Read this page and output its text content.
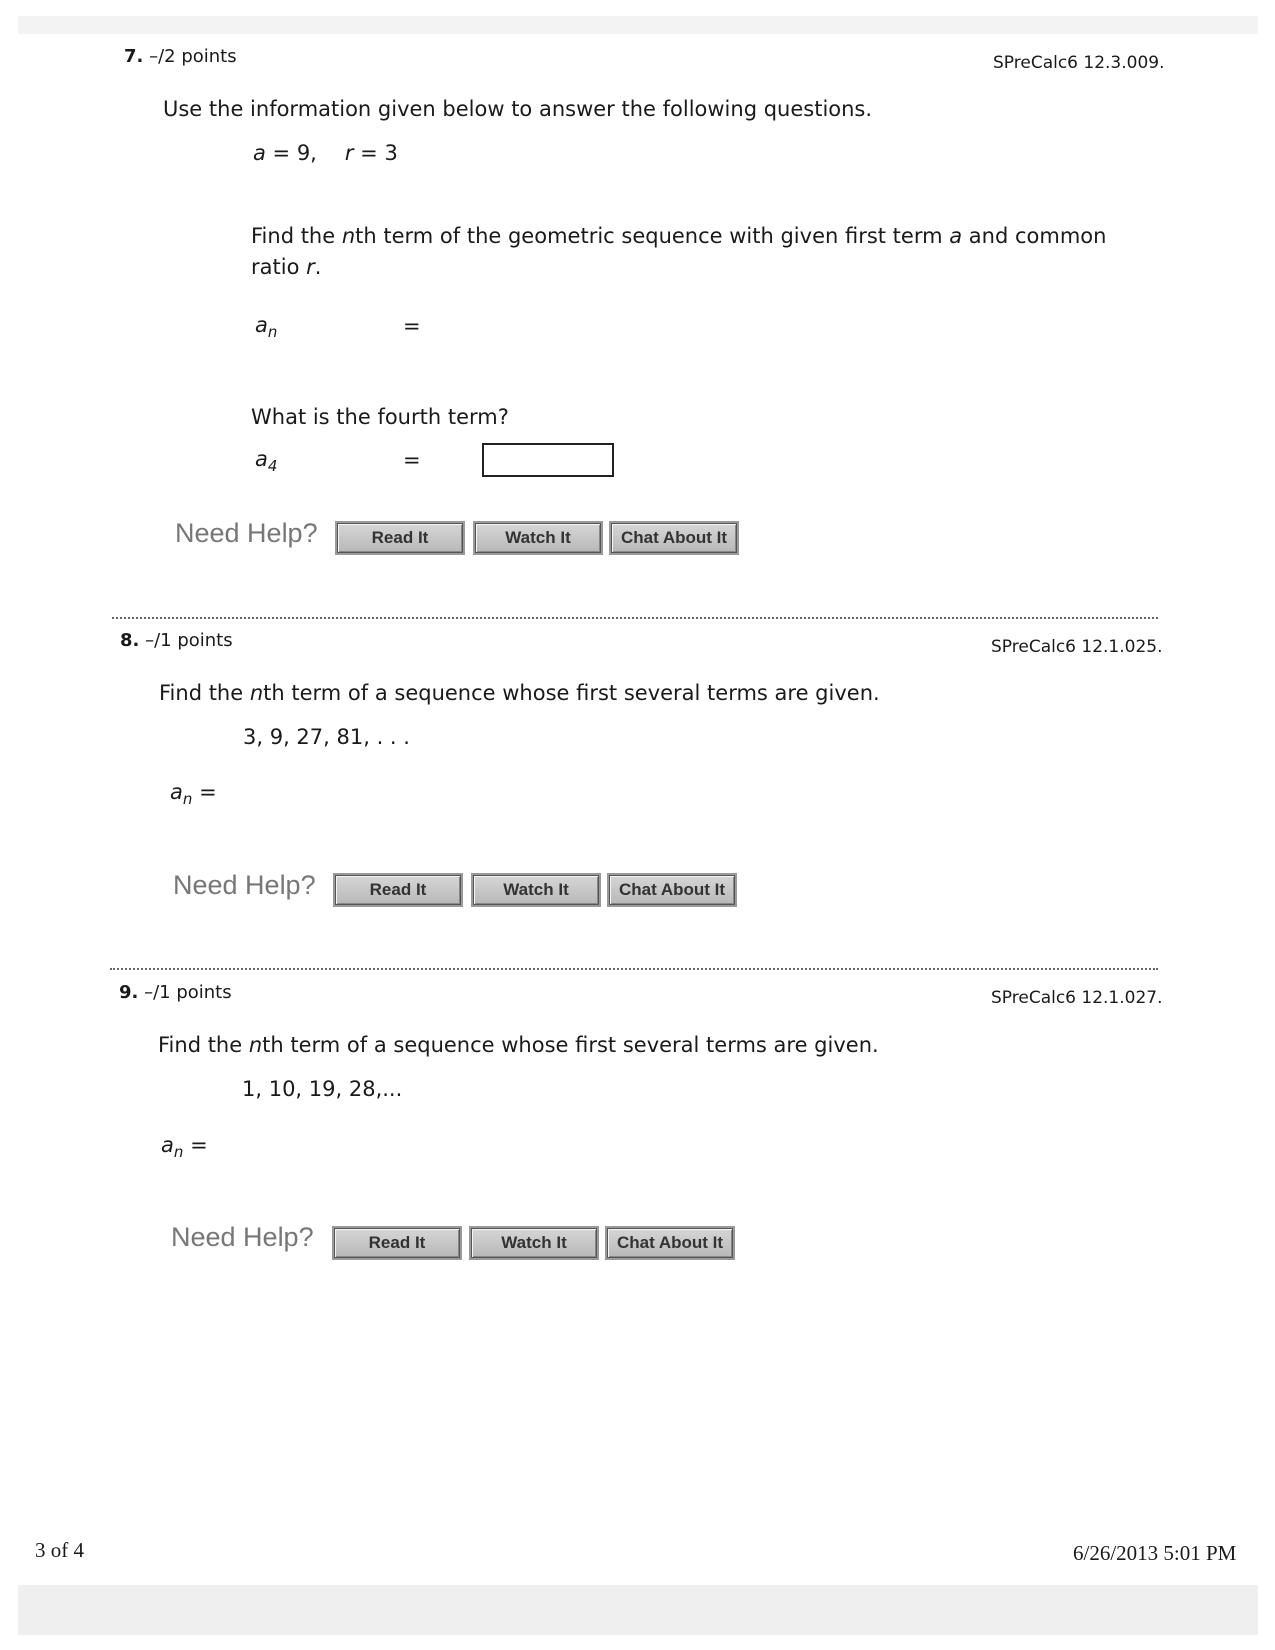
7. –/2 points	SPreCalc6 12.3.009.
Use the information given below to answer the following questions.
a = 9, r = 3
Find the nth term of the geometric sequence with given first term a and common
ratio r.
$a_n$	=
What is the fourth term?
$a_4$	=
Need Help?	Read It	Watch It	Chat About It
8. –/1 points	SPreCalc6 12.1.025.
Find the nth term of a sequence whose first several terms are given.
3, 9, 27, 81, . . .
$a_n$ =
Need Help?	Read It	Watch It	Chat About It
9. –/1 points	SPreCalc6 12.1.027.
Find the nth term of a sequence whose first several terms are given.
1, 10, 19, 28,...
$a_n$ =
Need Help?	Read It	Watch It	Chat About It
3 of 4	6/26/2013 5:01 PM
